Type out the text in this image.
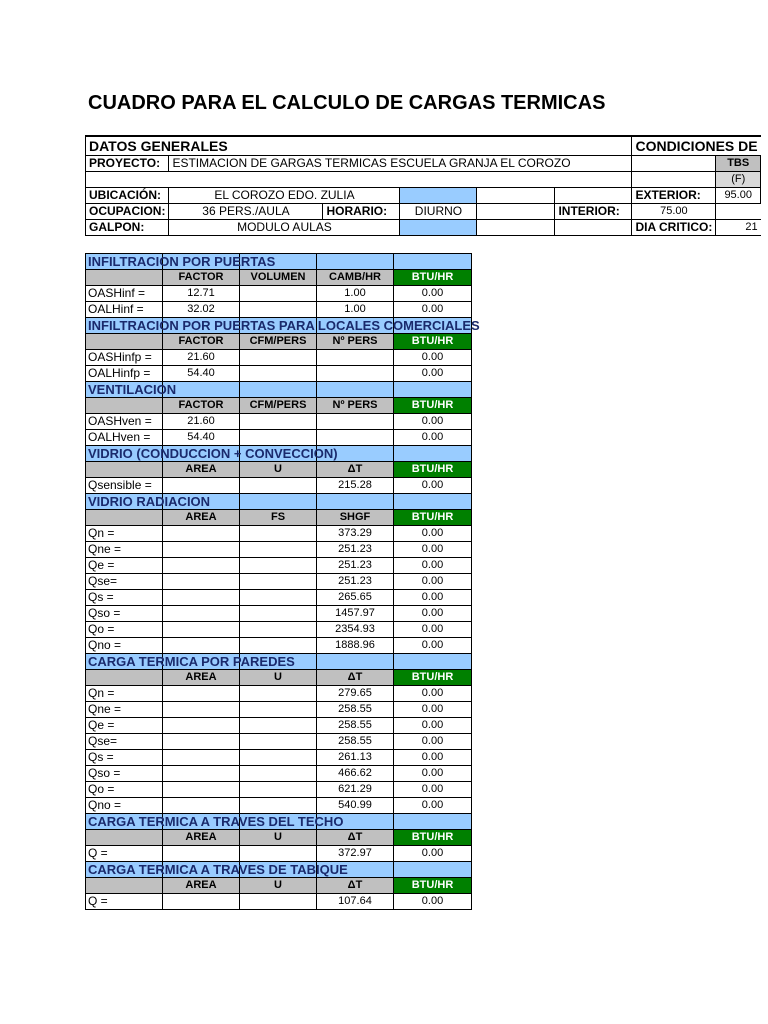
CUADRO PARA EL CALCULO DE CARGAS TERMICAS
DATOS GENERALES						CONDICIONES DE	
PROYECTO:	ESTIMACION DE GARGAS TERMICAS ESCUELA GRANJA EL COROZO						TBS
							(F)
UBICACIÓN:	EL COROZO EDO. ZULIA					EXTERIOR:	95.00
OCUPACION:	36 PERS./AULA	HORARIO:	DIURNO		INTERIOR:	75.00	
GALPON:	MODULO AULAS					DIA CRITICO:	21
INFILTRACION POR PUERTAS				

	FACTOR	VOLUMEN	CAMB/HR	BTU/HR
OASHinf =	12.71		1.00	0.00
OALHinf =	32.02		1.00	0.00

INFILTRACION POR PUERTAS PARA LOCALES COMERCIALES				

	FACTOR	CFM/PERS	Nº PERS	BTU/HR
OASHinfp =	21.60			0.00
OALHinfp =	54.40			0.00

VENTILACION				

	FACTOR	CFM/PERS	Nº PERS	BTU/HR
OASHven =	21.60			0.00
OALHven =	54.40			0.00

VIDRIO (CONDUCCION + CONVECCION)				

	AREA	U	ΔT	BTU/HR
Qsensible =			215.28	0.00

VIDRIO RADIACION				

	AREA	FS	SHGF	BTU/HR
Qn =			373.29	0.00
Qne =			251.23	0.00
Qe =			251.23	0.00
Qse=			251.23	0.00
Qs =			265.65	0.00
Qso =			1457.97	0.00
Qo =			2354.93	0.00
Qno =			1888.96	0.00

CARGA TERMICA POR PAREDES				

	AREA	U	ΔT	BTU/HR
Qn =			279.65	0.00
Qne =			258.55	0.00
Qe =			258.55	0.00
Qse=			258.55	0.00
Qs =			261.13	0.00
Qso =			466.62	0.00
Qo =			621.29	0.00
Qno =			540.99	0.00

CARGA TERMICA A TRAVES DEL TECHO				

	AREA	U	ΔT	BTU/HR
Q =			372.97	0.00

CARGA TERMICA A TRAVES DE TABIQUE				

	AREA	U	ΔT	BTU/HR
Q =			107.64	0.00
